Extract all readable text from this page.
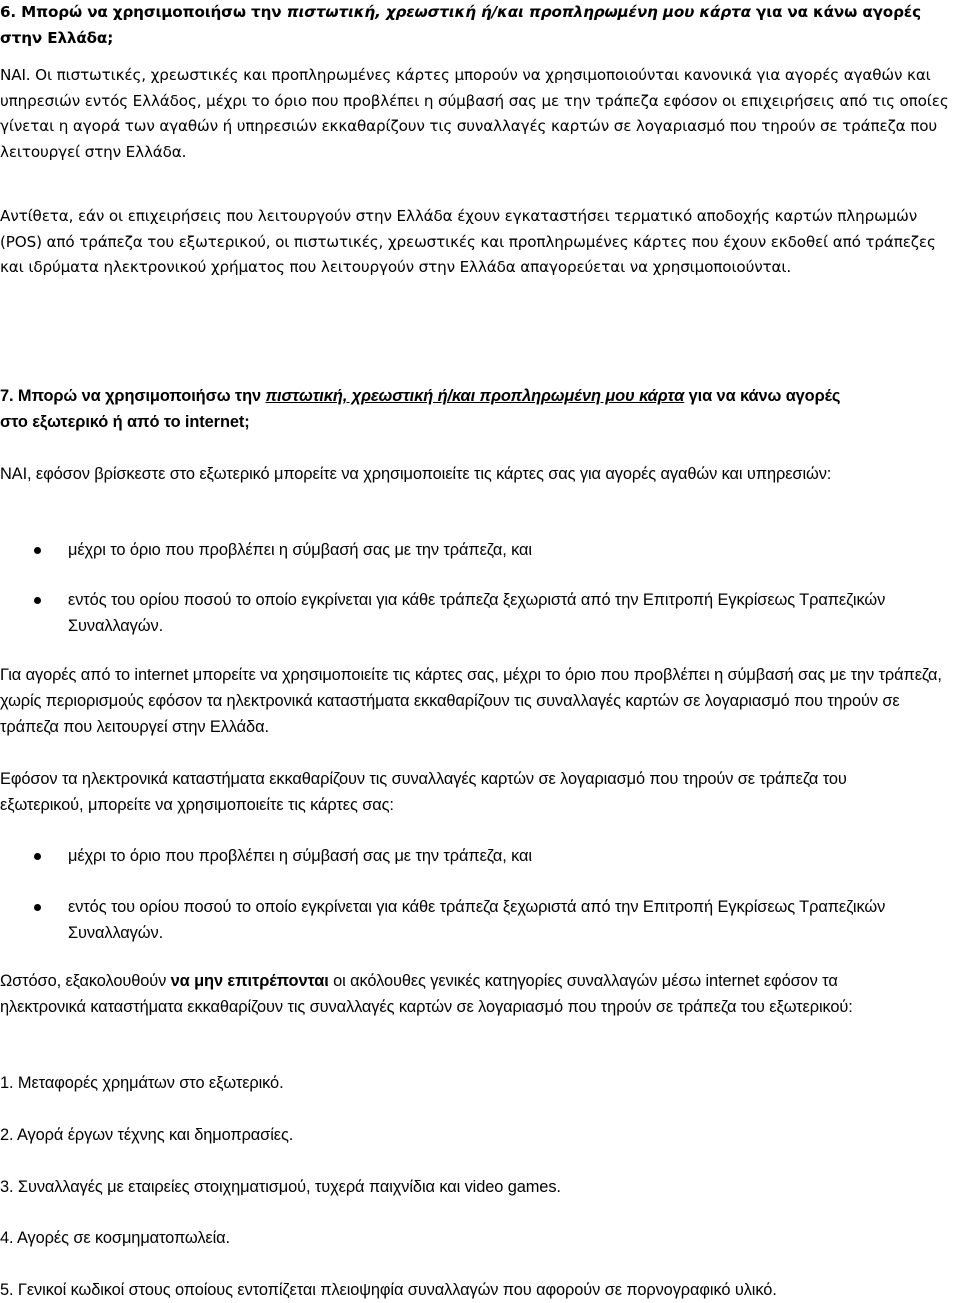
6. Μπορώ να χρησιμοποιήσω την πιστωτική, χρεωστική ή/και προπληρωμένη μου κάρτα για να κάνω αγορές
στην Ελλάδα;
ΝΑΙ. Οι πιστωτικές, χρεωστικές και προπληρωμένες κάρτες μπορούν να χρησιμοποιούνται κανονικά για αγορές αγαθών και υπηρεσιών εντός Ελλάδος, μέχρι το όριο που προβλέπει η σύμβασή σας με την τράπεζα εφόσον οι επιχειρήσεις από τις οποίες γίνεται η αγορά των αγαθών ή υπηρεσιών εκκαθαρίζουν τις συναλλαγές καρτών σε λογαριασμό που τηρούν σε τράπεζα που λειτουργεί στην Ελλάδα.
Αντίθετα, εάν οι επιχειρήσεις που λειτουργούν στην Ελλάδα έχουν εγκαταστήσει τερματικό αποδοχής καρτών πληρωμών (POS) από τράπεζα του εξωτερικού, οι πιστωτικές, χρεωστικές και προπληρωμένες κάρτες που έχουν εκδοθεί από τράπεζες και ιδρύματα ηλεκτρονικού χρήματος που λειτουργούν στην Ελλάδα απαγορεύεται να χρησιμοποιούνται.
7. Μπορώ να χρησιμοποιήσω την πιστωτική, χρεωστική ή/και προπληρωμένη μου κάρτα για να κάνω αγορές
στο εξωτερικό ή από το internet;
ΝΑΙ, εφόσον βρίσκεστε στο εξωτερικό μπορείτε να χρησιμοποιείτε τις κάρτες σας για αγορές αγαθών και υπηρεσιών:
μέχρι το όριο που προβλέπει η σύμβασή σας με την τράπεζα, και
εντός του ορίου ποσού το οποίο εγκρίνεται για κάθε τράπεζα ξεχωριστά από την Επιτροπή Εγκρίσεως Τραπεζικών Συναλλαγών.
Για αγορές από το internet μπορείτε να χρησιμοποιείτε τις κάρτες σας, μέχρι το όριο που προβλέπει η σύμβασή σας με την τράπεζα, χωρίς περιορισμούς εφόσον τα ηλεκτρονικά καταστήματα εκκαθαρίζουν τις συναλλαγές καρτών σε λογαριασμό που τηρούν σε τράπεζα που λειτουργεί στην Ελλάδα.
Εφόσον τα ηλεκτρονικά καταστήματα εκκαθαρίζουν τις συναλλαγές καρτών σε λογαριασμό που τηρούν σε τράπεζα του εξωτερικού, μπορείτε να χρησιμοποιείτε τις κάρτες σας:
μέχρι το όριο που προβλέπει η σύμβασή σας με την τράπεζα, και
εντός του ορίου ποσού το οποίο εγκρίνεται για κάθε τράπεζα ξεχωριστά από την Επιτροπή Εγκρίσεως Τραπεζικών Συναλλαγών.
Ωστόσο, εξακολουθούν να μην επιτρέπονται οι ακόλουθες γενικές κατηγορίες συναλλαγών μέσω internet εφόσον τα ηλεκτρονικά καταστήματα εκκαθαρίζουν τις συναλλαγές καρτών σε λογαριασμό που τηρούν σε τράπεζα του εξωτερικού:
1. Μεταφορές χρημάτων στο εξωτερικό.
2. Αγορά έργων τέχνης και δημοπρασίες.
3. Συναλλαγές με εταιρείες στοιχηματισμού, τυχερά παιχνίδια και video games.
4. Αγορές σε κοσμηματοπωλεία.
5. Γενικοί κωδικοί στους οποίους εντοπίζεται πλειοψηφία συναλλαγών που αφορούν σε πορνογραφικό υλικό.
